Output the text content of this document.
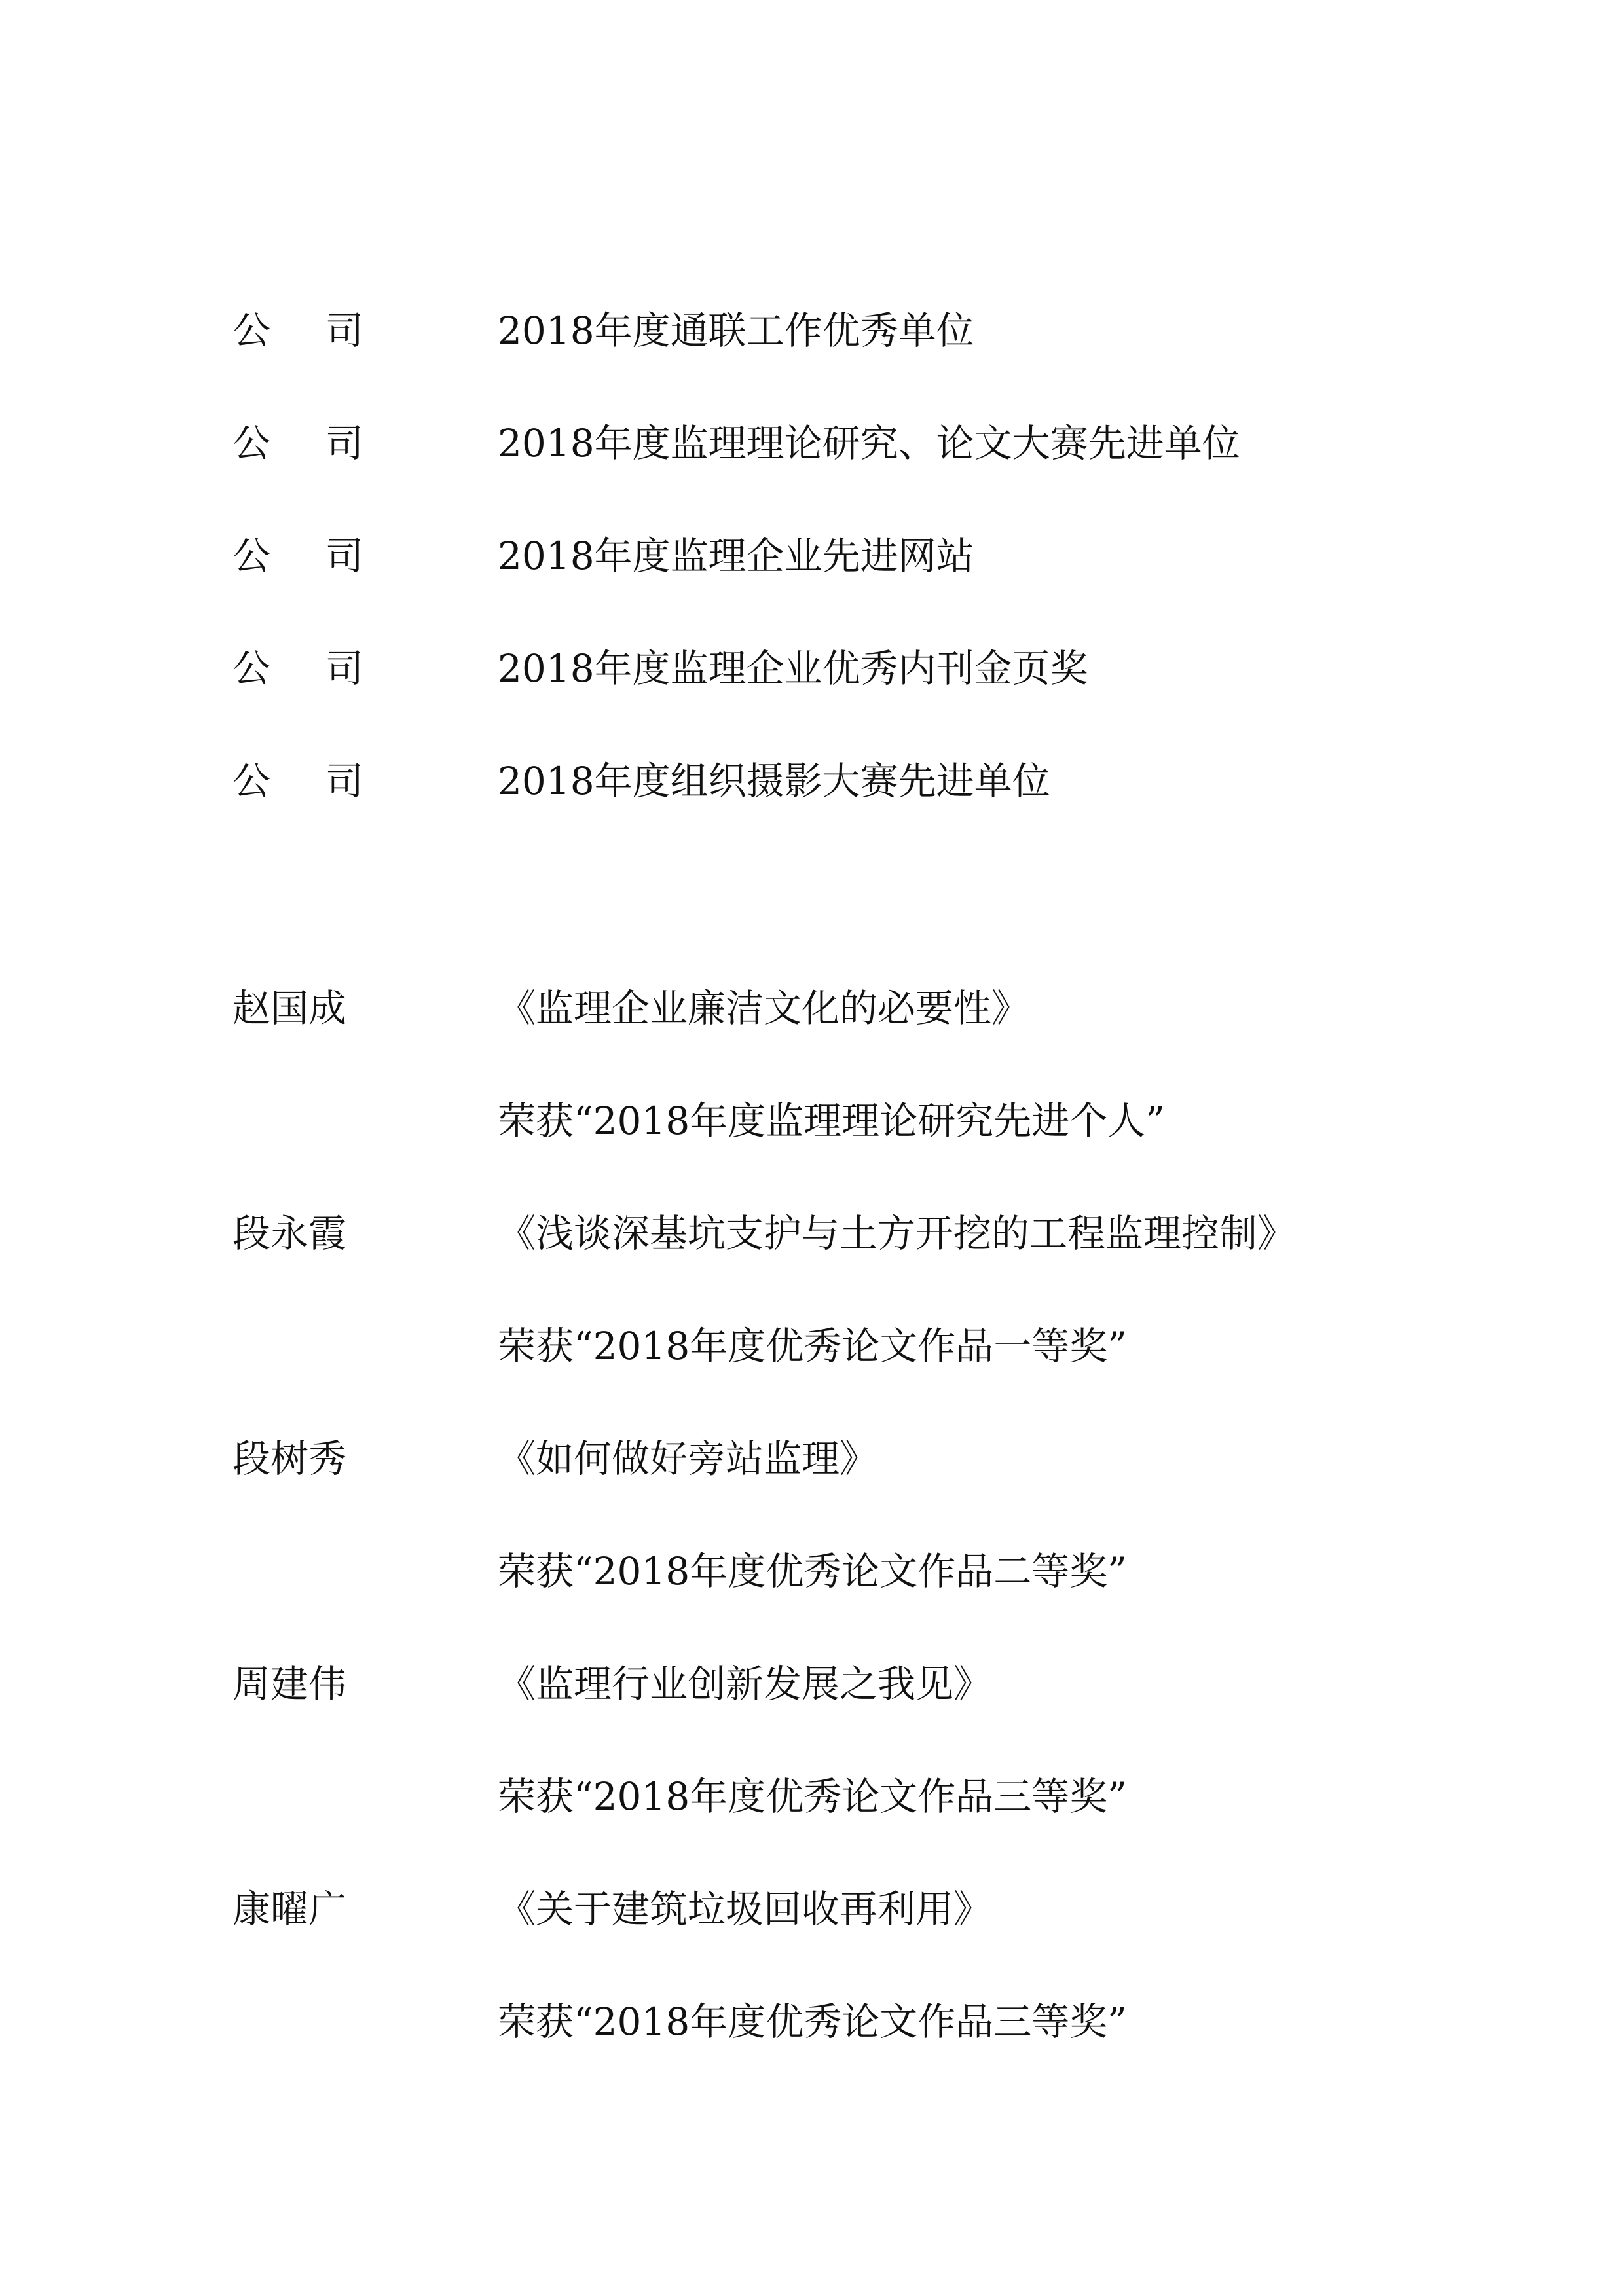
公司 2018年度通联工作优秀单位
公司 2018年度监理理论研究、论文大赛先进单位
公司 2018年度监理企业先进网站
公司 2018年度监理企业优秀内刊金页奖
公司 2018年度组织摄影大赛先进单位
赵国成	《监理企业廉洁文化的必要性》
荣获“2018年度监理理论研究先进个人”
段永霞	《浅谈深基坑支护与土方开挖的工程监理控制》
荣获“2018年度优秀论文作品一等奖”
段树秀	《如何做好旁站监理》
荣获“2018年度优秀论文作品二等奖”
周建伟	《监理行业创新发展之我见》
荣获“2018年度优秀论文作品三等奖”
康曜广	《关于建筑垃圾回收再利用》
荣获“2018年度优秀论文作品三等奖”
